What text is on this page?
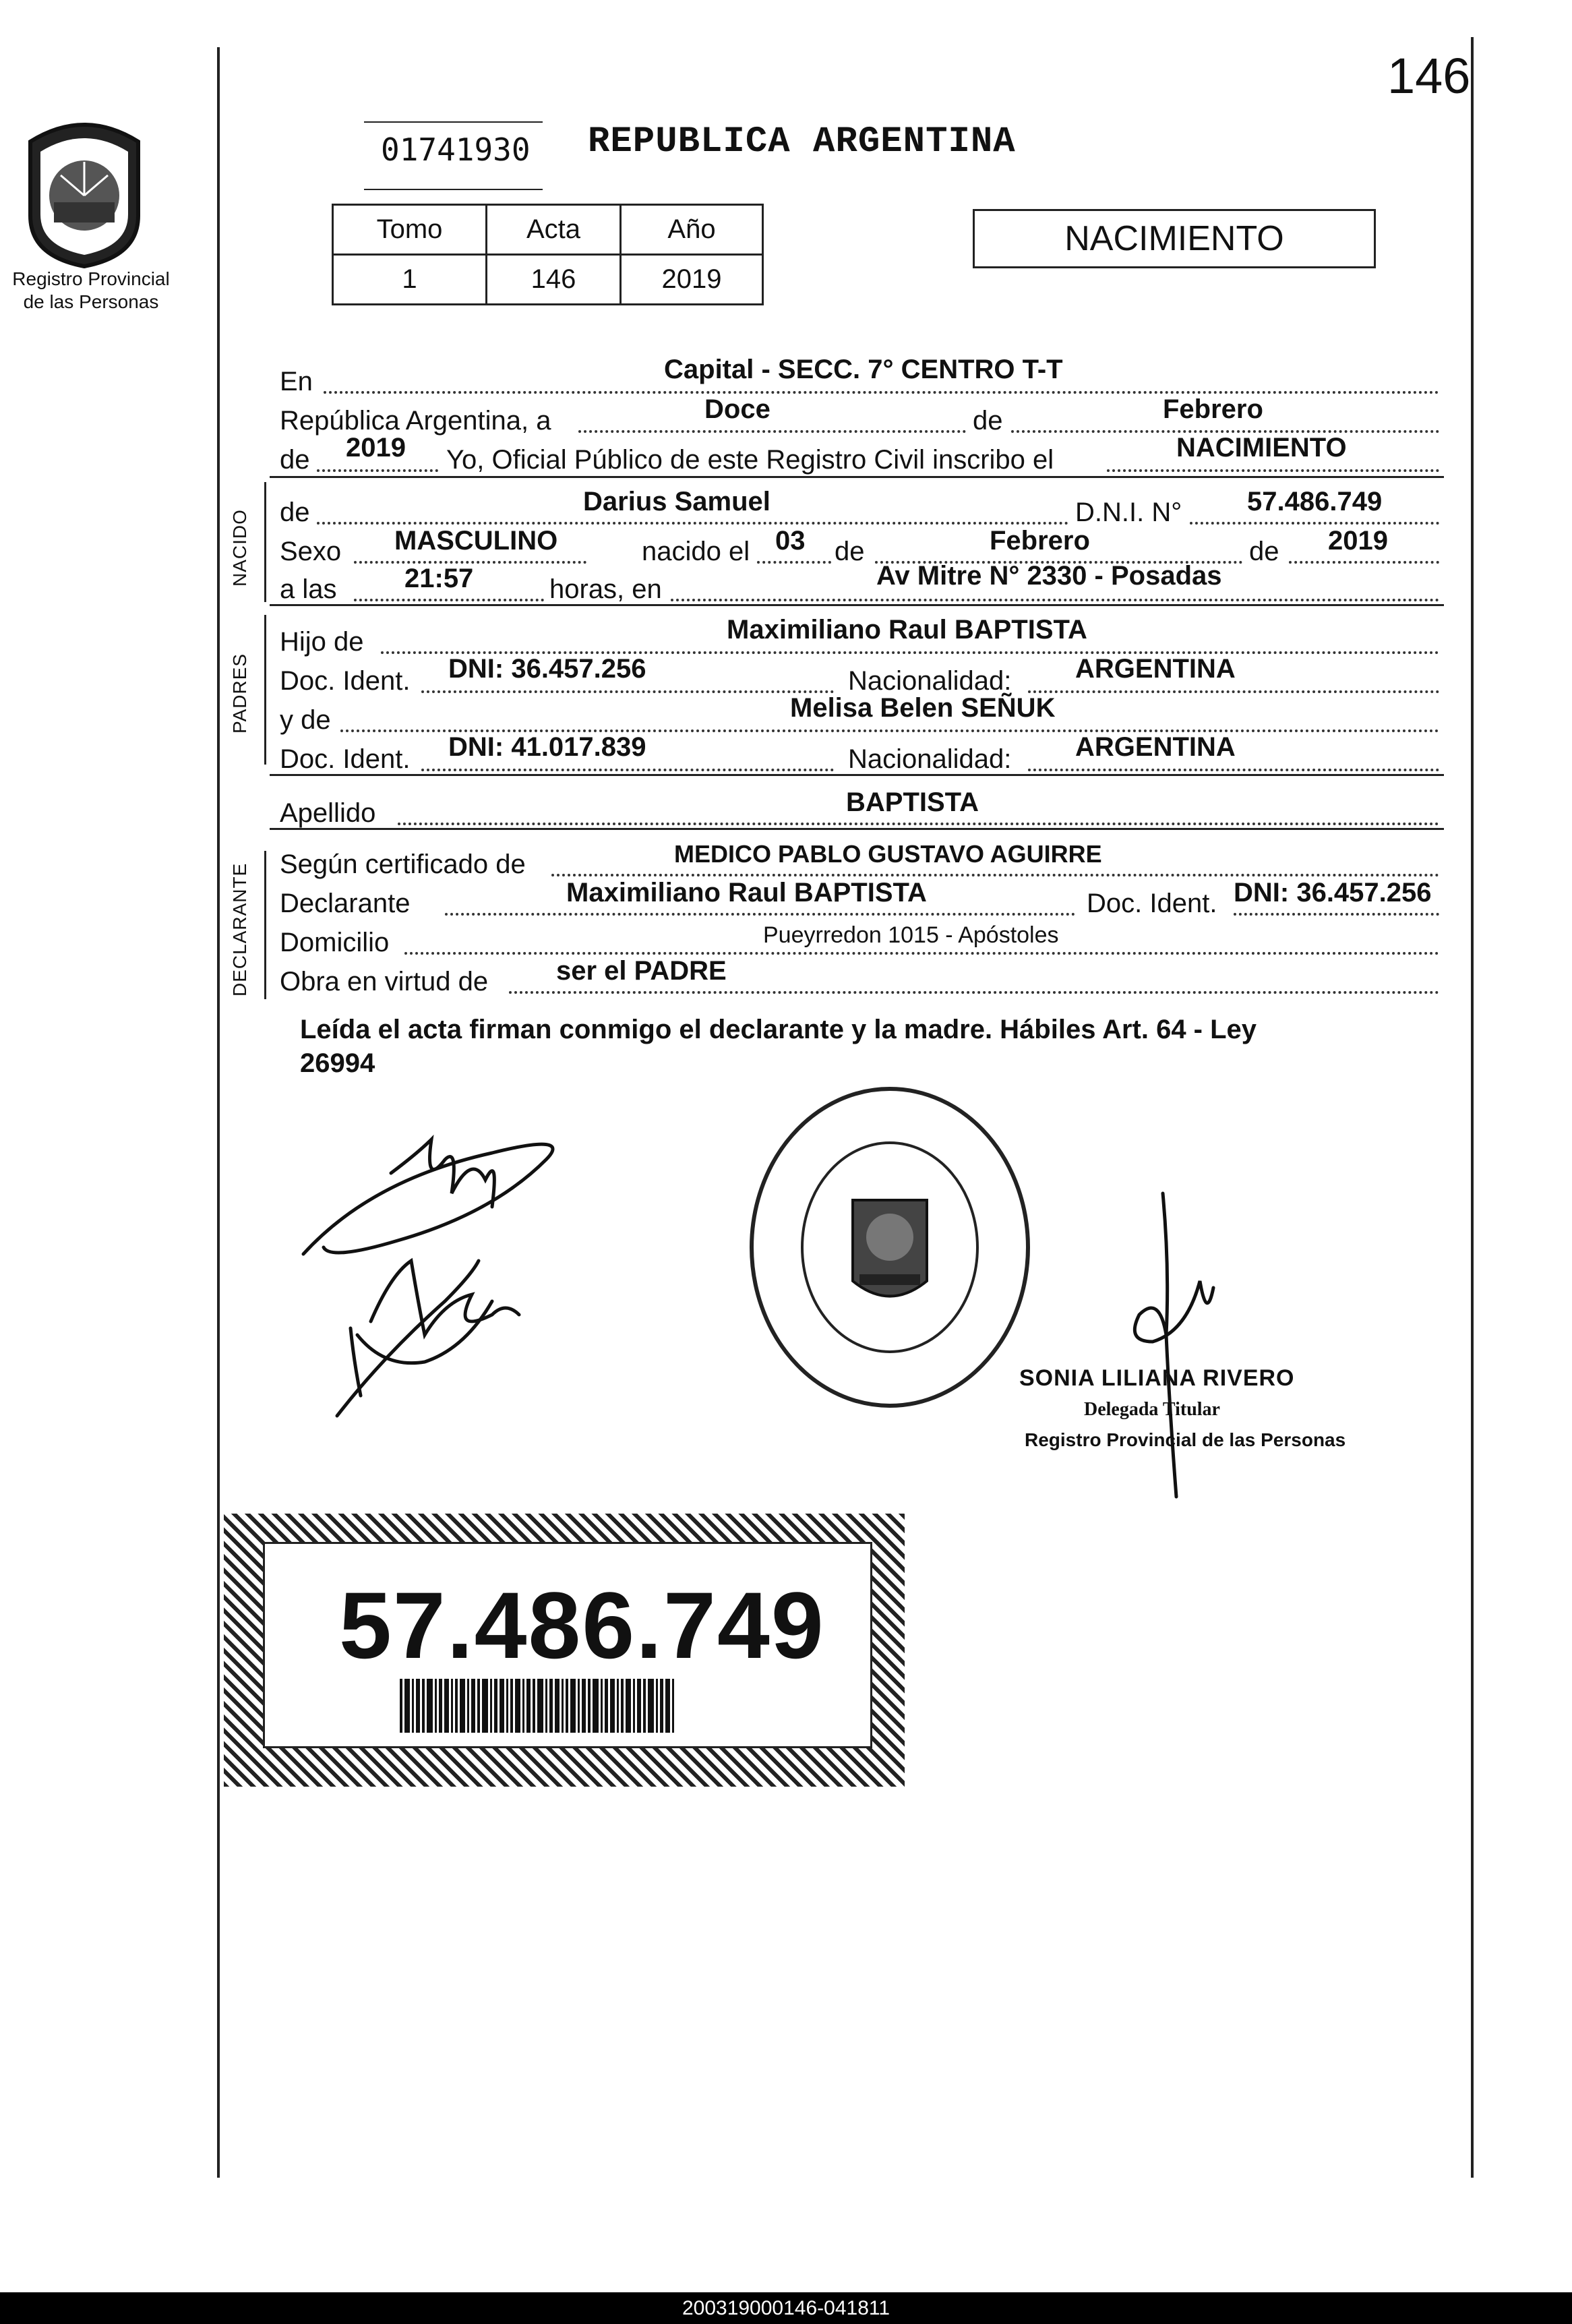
146
Registro Provincial
de las Personas
01741930 REPUBLICA ARGENTINA
Tomo	Acta	Año
1	146	2019
NACIMIENTO
NACIDO
PADRES
DECLARANTE
En	Capital - SECC. 7° CENTRO T-T
República Argentina, a	Doce	de	Febrero
de 2019 Yo, Oficial Público de este Registro Civil inscribo el	NACIMIENTO
de	Darius Samuel	D.N.I. N° 57.486.749
Sexo MASCULINO	nacido el 03 de	Febrero	de 2019
a las	21:57	horas, en	Av Mitre N° 2330 - Posadas
Hijo de	Maximiliano Raul BAPTISTA
Doc. Ident. DNI: 36.457.256	Nacionalidad: ARGENTINA
y de	Melisa Belen SEÑUK
Doc. Ident. DNI: 41.017.839	Nacionalidad: ARGENTINA
Apellido	BAPTISTA
Según certificado de	MEDICO PABLO GUSTAVO AGUIRRE
Declarante	Maximiliano Raul BAPTISTA	Doc. Ident. DNI: 36.457.256
Domicilio	Pueyrredon 1015 - Apóstoles
Obra en virtud de	ser el PADRE
Leída el acta firman conmigo el declarante y la madre. Hábiles Art. 64 - Ley
26994
SONIA LILIANA RIVERO
Delegada Titular
Registro Provincial de las Personas
57.486.749
200319000146-041811
